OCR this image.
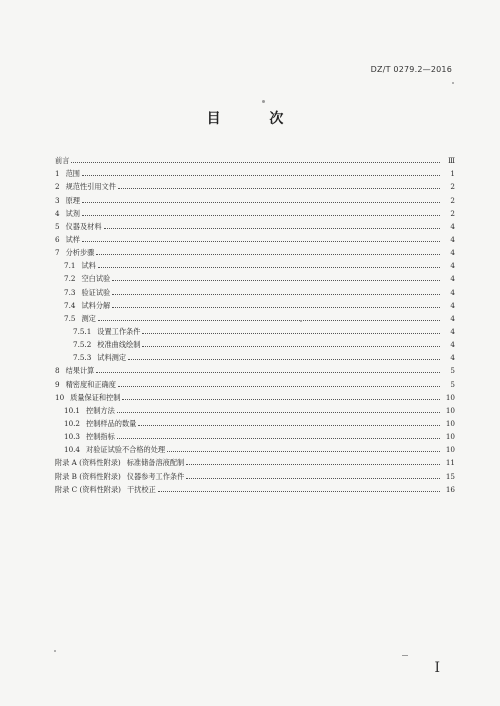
DZ/T 0279.2—2016
目 次
前言	Ⅲ
1 范围	1
2 规范性引用文件	2
3 原理	2
4 试剂	2
5 仪器及材料	4
6 试样	4
7 分析步骤	4
7.1 试料	4
7.2 空白试验	4
7.3 验证试验	4
7.4 试料分解	4
7.5 测定	4
7.5.1 设置工作条件	4
7.5.2 校准曲线绘制	4
7.5.3 试料测定	4
8 结果计算	5
9 精密度和正确度	5
10 质量保证和控制	10
10.1 控制方法	10
10.2 控制样品的数量	10
10.3 控制指标	10
10.4 对验证试验不合格的处理	10
附录 A (资料性附录) 标准储备溶液配制	11
附录 B (资料性附录) 仪器参考工作条件	15
附录 C (资料性附录) 干扰校正	16
I
